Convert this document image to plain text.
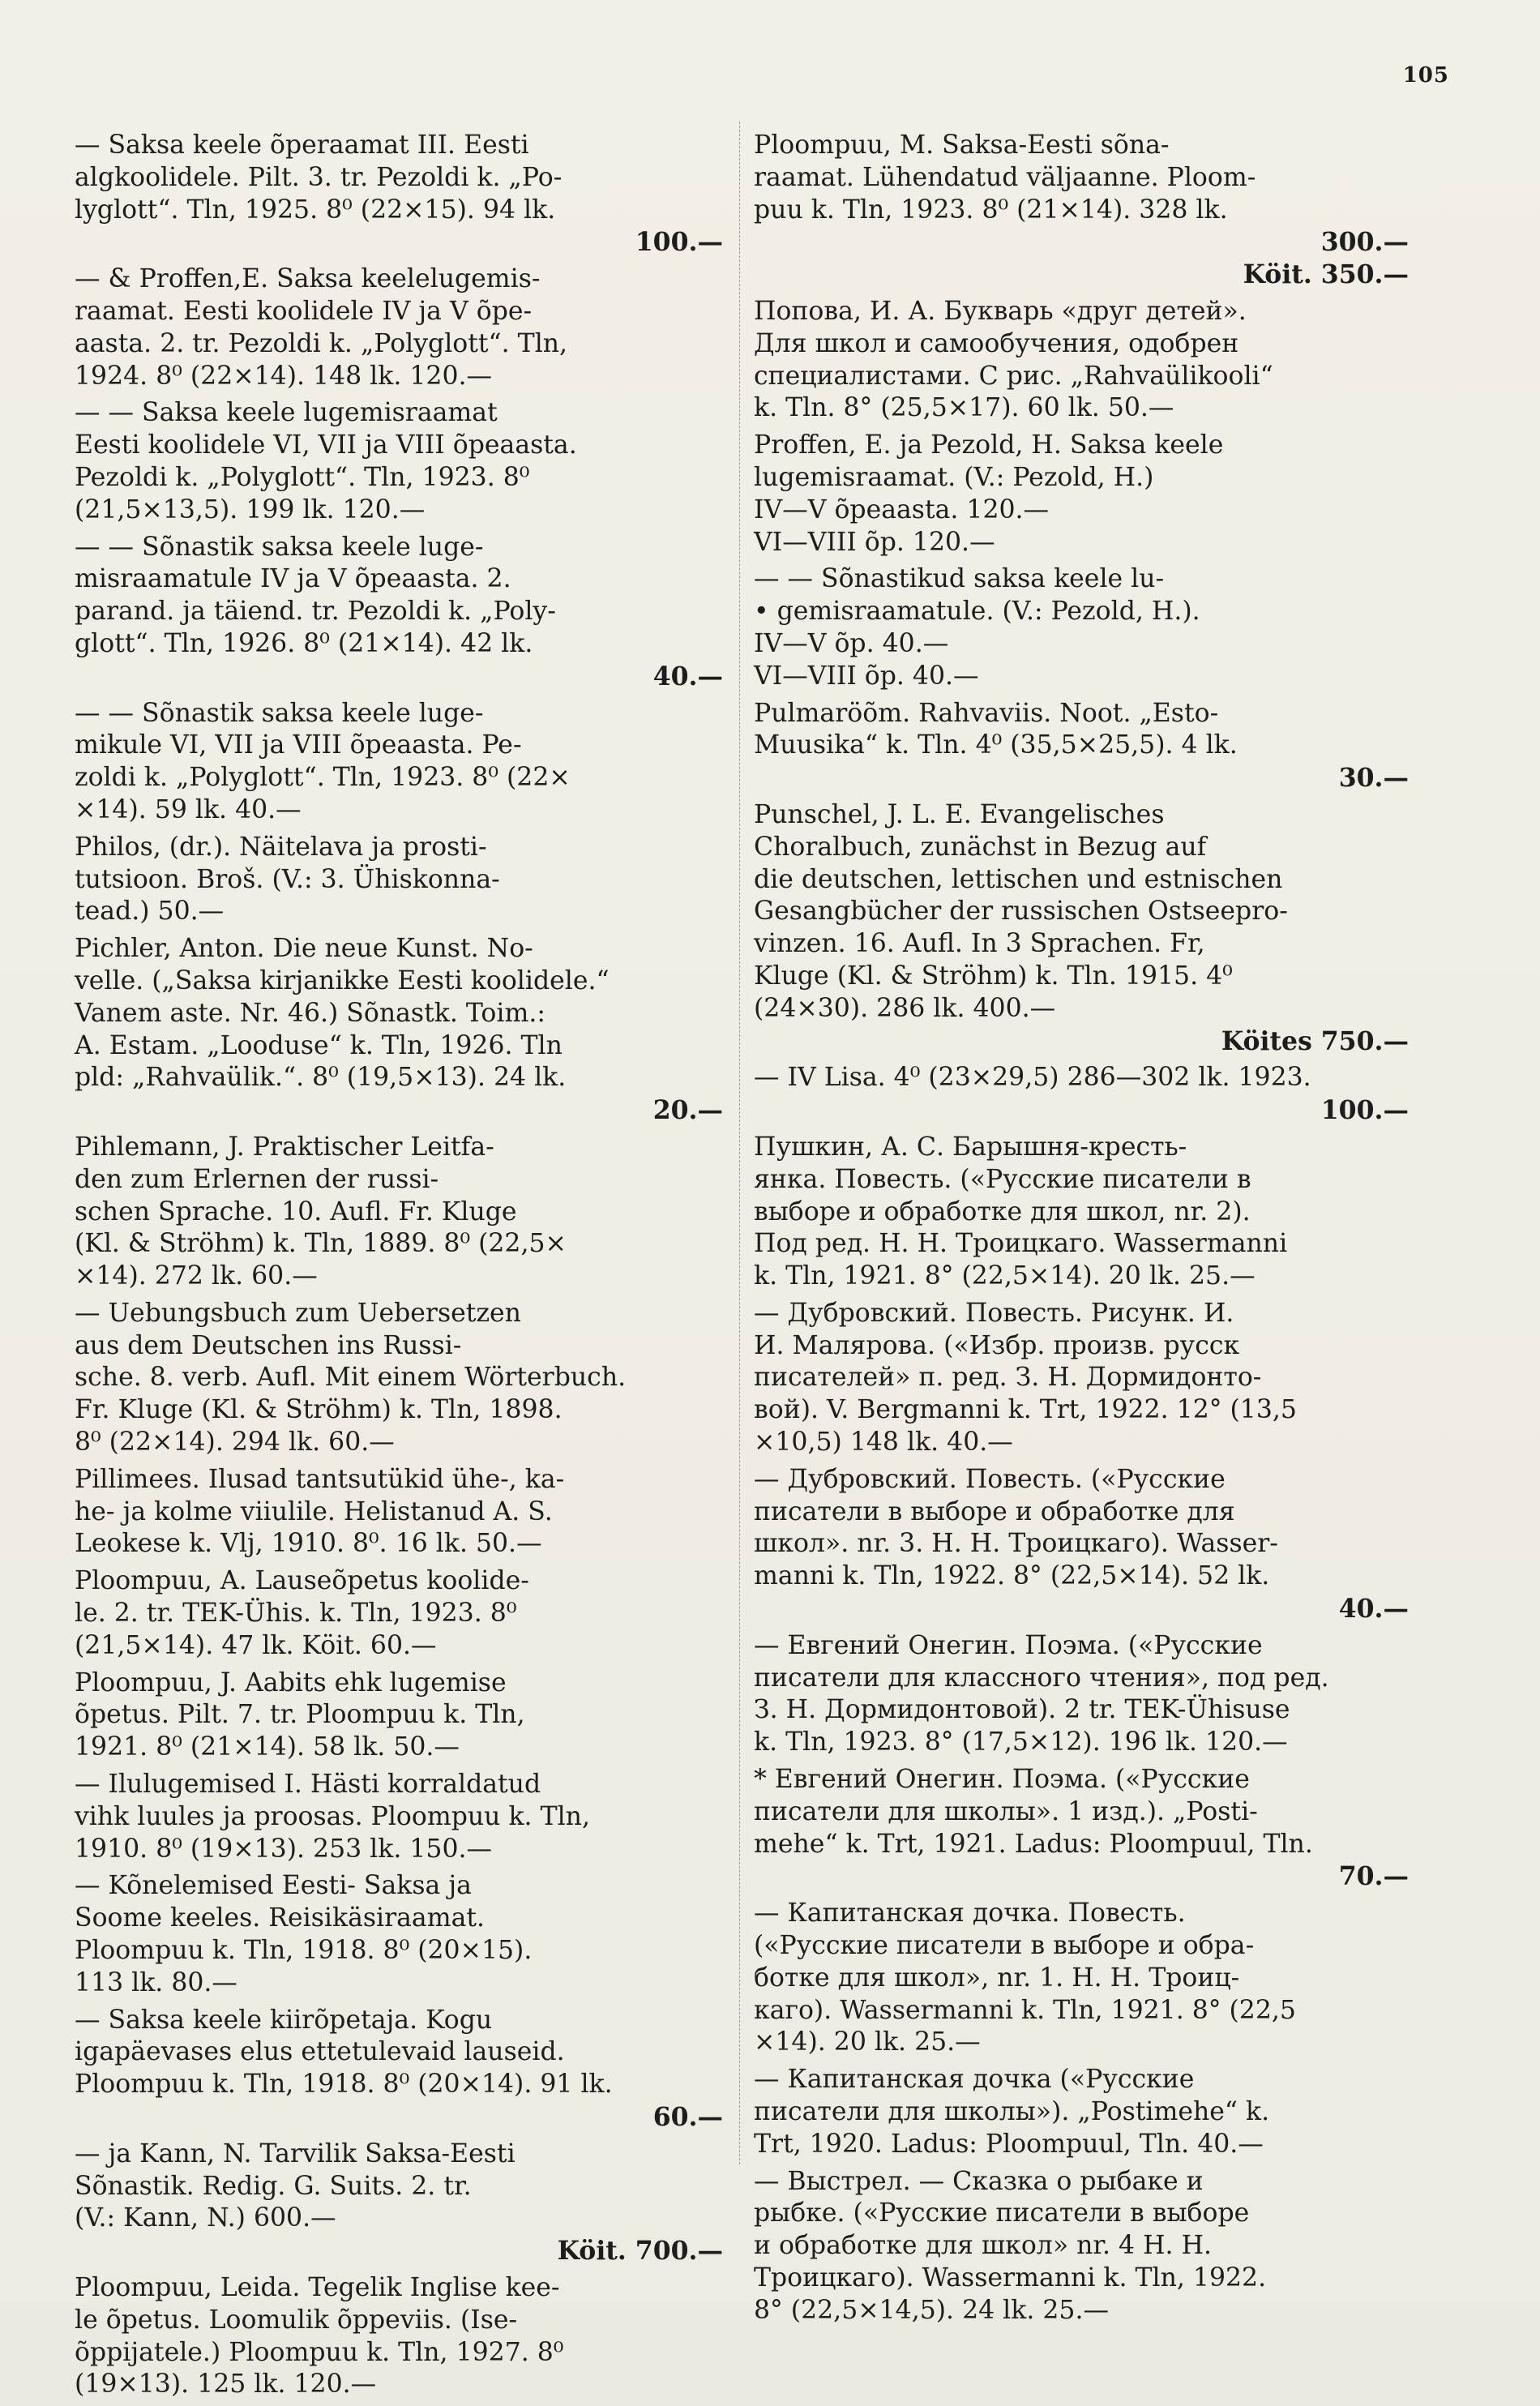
105
— Saksa keele õperaamat III. Eesti
algkoolidele. Pilt. 3. tr. Pezoldi k. „Po-
lyglott“. Tln, 1925. 8⁰ (22×15). 94 lk.
100.—
— & Proffen,E. Saksa keelelugemis-
raamat. Eesti koolidele IV ja V õpe-
aasta. 2. tr. Pezoldi k. „Polyglott“. Tln,
1924. 8⁰ (22×14). 148 lk. 120.—
— — Saksa keele lugemisraamat
Eesti koolidele VI, VII ja VIII õpeaasta.
Pezoldi k. „Polyglott“. Tln, 1923. 8⁰
(21,5×13,5). 199 lk. 120.—
— — Sõnastik saksa keele luge-
misraamatule IV ja V õpeaasta. 2.
parand. ja täiend. tr. Pezoldi k. „Poly-
glott“. Tln, 1926. 8⁰ (21×14). 42 lk.
40.—
— — Sõnastik saksa keele luge-
mikule VI, VII ja VIII õpeaasta. Pe-
zoldi k. „Polyglott“. Tln, 1923. 8⁰ (22×
×14). 59 lk. 40.—
Philos, (dr.). Näitelava ja prosti-
tutsioon. Broš. (V.: 3. Ühiskonna-
tead.) 50.—
Pichler, Anton. Die neue Kunst. No-
velle. („Saksa kirjanikke Eesti koolidele.“
Vanem aste. Nr. 46.) Sõnastk. Toim.:
A. Estam. „Looduse“ k. Tln, 1926. Tln
pld: „Rahvaülik.“. 8⁰ (19,5×13). 24 lk.
20.—
Pihlemann, J. Praktischer Leitfa-
den zum Erlernen der russi-
schen Sprache. 10. Aufl. Fr. Kluge
(Kl. & Ströhm) k. Tln, 1889. 8⁰ (22,5×
×14). 272 lk. 60.—
— Uebungsbuch zum Uebersetzen
aus dem Deutschen ins Russi-
sche. 8. verb. Aufl. Mit einem Wörterbuch.
Fr. Kluge (Kl. & Ströhm) k. Tln, 1898.
8⁰ (22×14). 294 lk. 60.—
Pillimees. Ilusad tantsutükid ühe-, ka-
he- ja kolme viiulile. Helistanud A. S.
Leokese k. Vlj, 1910. 8⁰. 16 lk. 50.—
Ploompuu, A. Lauseõpetus koolide-
le. 2. tr. TEK-Ühis. k. Tln, 1923. 8⁰
(21,5×14). 47 lk. Köit. 60.—
Ploompuu, J. Aabits ehk lugemise
õpetus. Pilt. 7. tr. Ploompuu k. Tln,
1921. 8⁰ (21×14). 58 lk. 50.—
— Ilulugemised I. Hästi korraldatud
vihk luules ja proosas. Ploompuu k. Tln,
1910. 8⁰ (19×13). 253 lk. 150.—
— Kõnelemised Eesti- Saksa ja
Soome keeles. Reisikäsiraamat.
Ploompuu k. Tln, 1918. 8⁰ (20×15).
113 lk. 80.—
— Saksa keele kiirõpetaja. Kogu
igapäevases elus ettetulevaid lauseid.
Ploompuu k. Tln, 1918. 8⁰ (20×14). 91 lk.
60.—
— ja Kann, N. Tarvilik Saksa-Eesti
Sõnastik. Redig. G. Suits. 2. tr.
(V.: Kann, N.) 600.—
Köit. 700.—
Ploompuu, Leida. Tegelik Inglise kee-
le õpetus. Loomulik õppeviis. (Ise-
õppijatele.) Ploompuu k. Tln, 1927. 8⁰
(19×13). 125 lk. 120.—
Ploompuu, M. Saksa-Eesti sõna-
raamat. Lühendatud väljaanne. Ploom-
puu k. Tln, 1923. 8⁰ (21×14). 328 lk.
300.—
Köit. 350.—
Попова, И. А. Букварь «друг детей».
Для школ и самообучения, одобрен
специалистами. С рис. „Rahvaülikooli“
k. Tln. 8° (25,5×17). 60 lk. 50.—
Proffen, E. ja Pezold, H. Saksa keele
lugemisraamat. (V.: Pezold, H.)
IV—V õpeaasta. 120.—
VI—VIII õp. 120.—
— — Sõnastikud saksa keele lu-
• gemisraamatule. (V.: Pezold, H.).
IV—V õp. 40.—
VI—VIII õp. 40.—
Pulmaröõm. Rahvaviis. Noot. „Esto-
Muusika“ k. Tln. 4⁰ (35,5×25,5). 4 lk.
30.—
Punschel, J. L. E. Evangelisches
Choralbuch, zunächst in Bezug auf
die deutschen, lettischen und estnischen
Gesangbücher der russischen Ostseepro-
vinzen. 16. Aufl. In 3 Sprachen. Fr,
Kluge (Kl. & Ströhm) k. Tln. 1915. 4⁰
(24×30). 286 lk. 400.—
Köites 750.—
— IV Lisa. 4⁰ (23×29,5) 286—302 lk. 1923.
100.—
Пушкин, А. С. Барышня-кресть-
янка. Повесть. («Русские писатели в
выборе и обработке для школ, nr. 2).
Под ред. Н. Н. Троицкаго. Wassermanni
k. Tln, 1921. 8° (22,5×14). 20 lk. 25.—
— Дубровский. Повесть. Рисунк. И.
И. Малярова. («Избр. произв. русск
писателей» п. ред. З. Н. Дормидонто-
вой). V. Bergmanni k. Trt, 1922. 12° (13,5
×10,5) 148 lk. 40.—
— Дубровский. Повесть. («Русские
писатели в выборе и обработке для
школ». nr. 3. Н. Н. Троицкаго). Wasser-
manni k. Tln, 1922. 8° (22,5×14). 52 lk.
40.—
— Евгений Онегин. Поэма. («Русские
писатели для классного чтения», под ред.
З. Н. Дормидонтовой). 2 tr. TEK-Ühisuse
k. Tln, 1923. 8° (17,5×12). 196 lk. 120.—
* Евгений Онегин. Поэма. («Русские
писатели для школы». 1 изд.). „Posti-
mehe“ k. Trt, 1921. Ladus: Ploompuul, Tln.
70.—
— Капитанская дочка. Повесть.
(«Русские писатели в выборе и обра-
ботке для школ», nr. 1. Н. Н. Троиц-
каго). Wassermanni k. Tln, 1921. 8° (22,5
×14). 20 lk. 25.—
— Капитанская дочка («Русские
писатели для школы»). „Postimehe“ k.
Trt, 1920. Ladus: Ploompuul, Tln. 40.—
— Выстрел. — Сказка о рыбаке и
рыбке. («Русские писатели в выборе
и обработке для школ» nr. 4 Н. Н.
Троицкаго). Wassermanni k. Tln, 1922.
8° (22,5×14,5). 24 lk. 25.—
